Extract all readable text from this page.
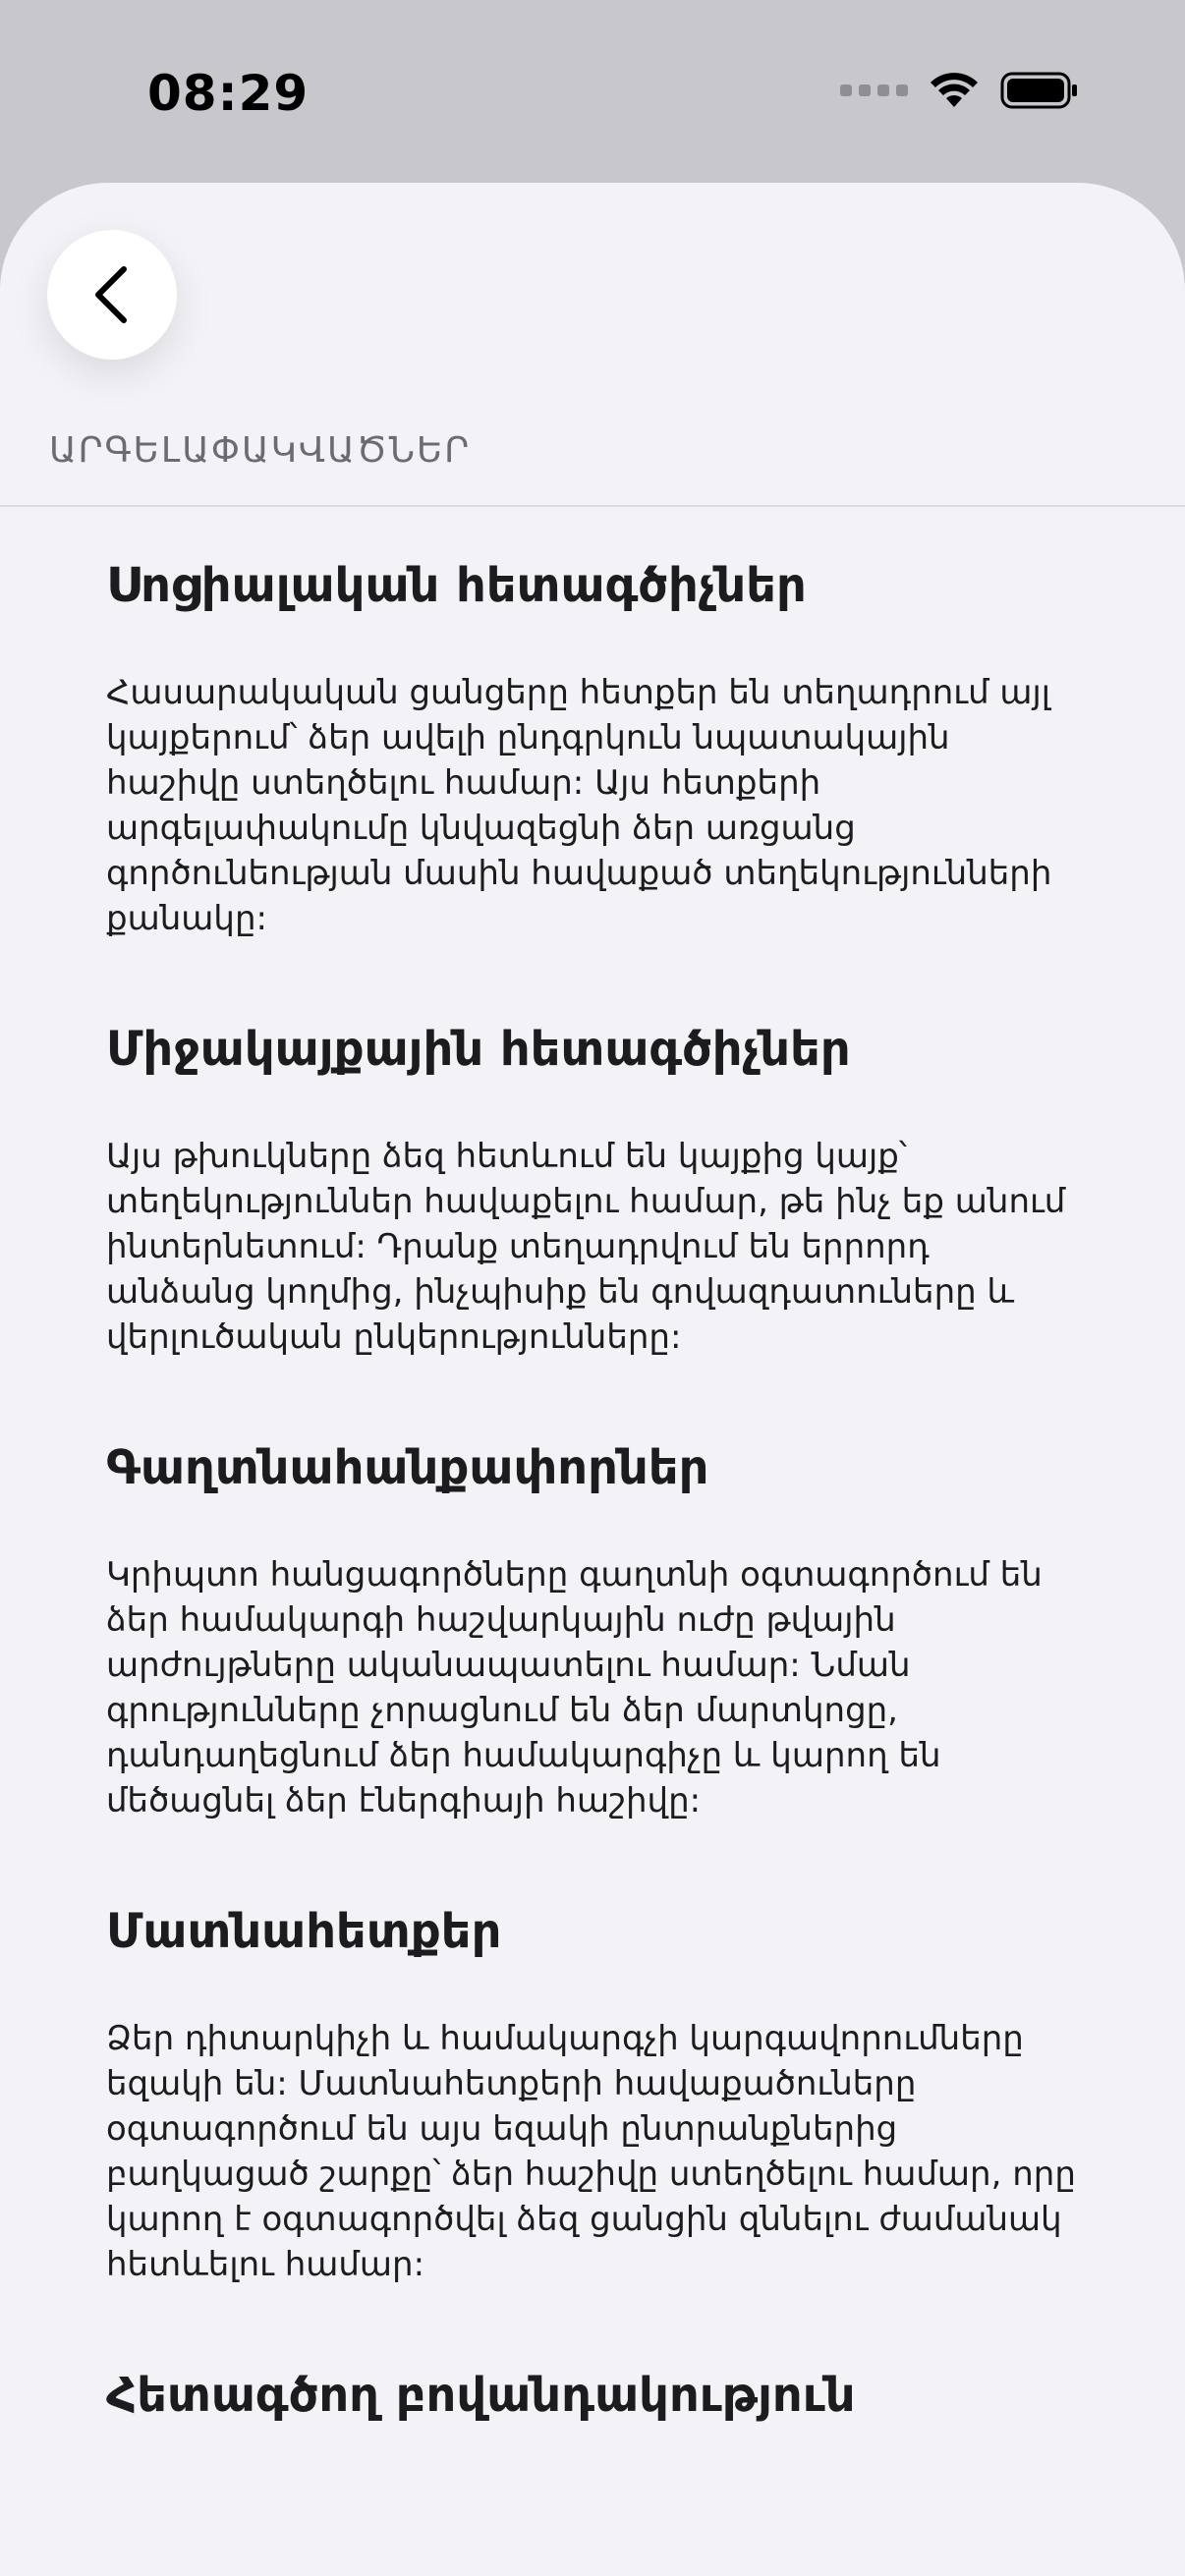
08:29
ԱՐԳԵԼԱՓԱԿՎԱԾՆԵՐ
Սոցիալական հետագծիչներ

Հասարակական ցանցերը հետքեր են տեղադրում այլ կայքերում՝ ձեր ավելի ընդգրկուն նպատակային հաշիվը ստեղծելու համար: Այս հետքերի արգելափակումը կնվազեցնի ձեր առցանց գործունեության մասին հավաքած տեղեկությունների քանակը:

Միջակայքային հետագծիչներ

Այս թխուկները ձեզ հետևում են կայքից կայք՝ տեղեկություններ հավաքելու համար, թե ինչ եք անում ինտերնետում: Դրանք տեղադրվում են երրորդ անձանց կողմից, ինչպիսիք են գովազդատուները և վերլուծական ընկերությունները:

Գաղտնահանքափորներ

Կրիպտո հանցագործները գաղտնի օգտագործում են ձեր համակարգի հաշվարկային ուժը թվային արժույթները ականապատելու համար: Նման գրությունները չորացնում են ձեր մարտկոցը, դանդաղեցնում ձեր համակարգիչը և կարող են մեծացնել ձեր էներգիայի հաշիվը:

Մատնահետքեր

Ձեր դիտարկիչի և համակարգչի կարգավորումները եզակի են: Մատնահետքերի հավաքածուները օգտագործում են այս եզակի ընտրանքներից բաղկացած շարքը՝ ձեր հաշիվը ստեղծելու համար, որը կարող է օգտագործվել ձեզ ցանցին զննելու ժամանակ հետևելու համար:

Հետագծող բովանդակություն
